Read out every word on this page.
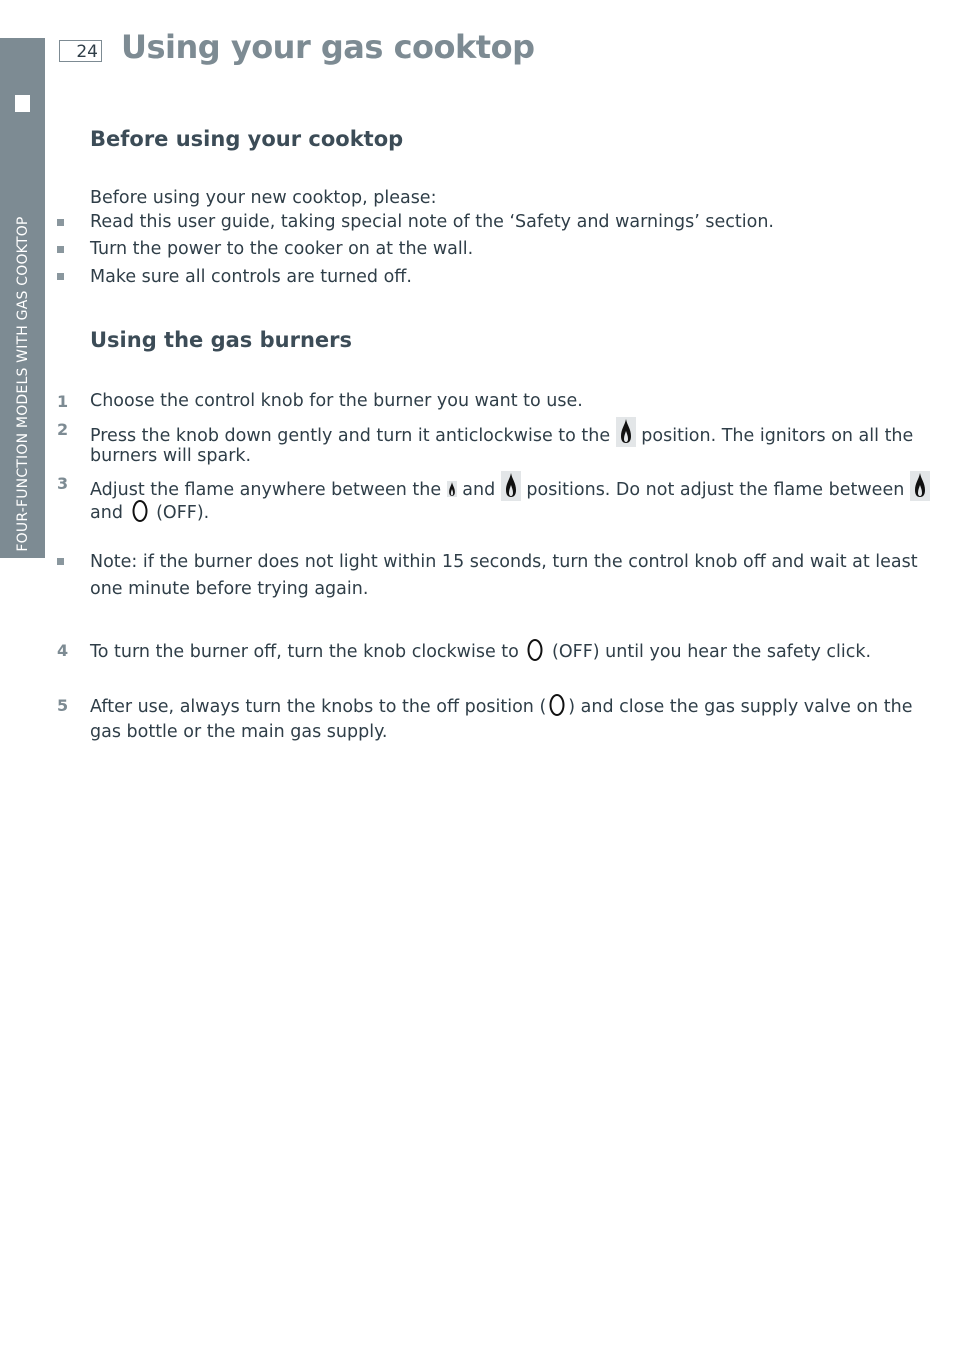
FOUR-FUNCTION MODELS WITH GAS COOKTOP
24 Using your gas cooktop
Before using your cooktop
Before using your new cooktop, please:
Read this user guide, taking special note of the ‘Safety and warnings’ section.
Turn the power to the cooker on at the wall.
Make sure all controls are turned off.
Using the gas burners
1 Choose the control knob for the burner you want to use.
2 Press the knob down gently and turn it anticlockwise to the position. The ignitors on all the
burners will spark.
3 Adjust the flame anywhere between the and positions. Do not adjust the flame between
and (OFF).
Note: if the burner does not light within 15 seconds, turn the control knob off and wait at least
one minute before trying again.
4 To turn the burner off, turn the knob clockwise to (OFF) until you hear the safety click.
5 After use, always turn the knobs to the off position ( ) and close the gas supply valve on the
gas bottle or the main gas supply.
